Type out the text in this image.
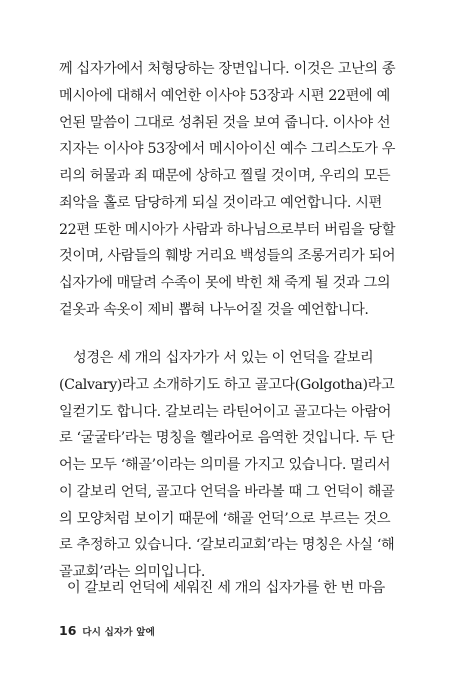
께 십자가에서 처형당하는 장면입니다. 이것은 고난의 종
메시아에 대해서 예언한 이사야 53장과 시편 22편에 예
언된 말씀이 그대로 성취된 것을 보여 줍니다. 이사야 선
지자는 이사야 53장에서 메시아이신 예수 그리스도가 우
리의 허물과 죄 때문에 상하고 찔릴 것이며, 우리의 모든
죄악을 홀로 담당하게 되실 것이라고 예언합니다. 시편
22편 또한 메시아가 사람과 하나님으로부터 버림을 당할
것이며, 사람들의 훼방 거리요 백성들의 조롱거리가 되어
십자가에 매달려 수족이 못에 박힌 채 죽게 될 것과 그의
겉옷과 속옷이 제비 뽑혀 나누어질 것을 예언합니다.
성경은 세 개의 십자가가 서 있는 이 언덕을 갈보리
(Calvary)라고 소개하기도 하고 골고다(Golgotha)라고
일컫기도 합니다. 갈보리는 라틴어이고 골고다는 아람어
로 ‘굴굴타’라는 명칭을 헬라어로 음역한 것입니다. 두 단
어는 모두 ‘해골’이라는 의미를 가지고 있습니다. 멀리서
이 갈보리 언덕, 골고다 언덕을 바라볼 때 그 언덕이 해골
의 모양처럼 보이기 때문에 ‘해골 언덕’으로 부르는 것으
로 추정하고 있습니다. ‘갈보리교회’라는 명칭은 사실 ‘해
골교회’라는 의미입니다.
이 갈보리 언덕에 세워진 세 개의 십자가를 한 번 마음
16 다시 십자가 앞에
